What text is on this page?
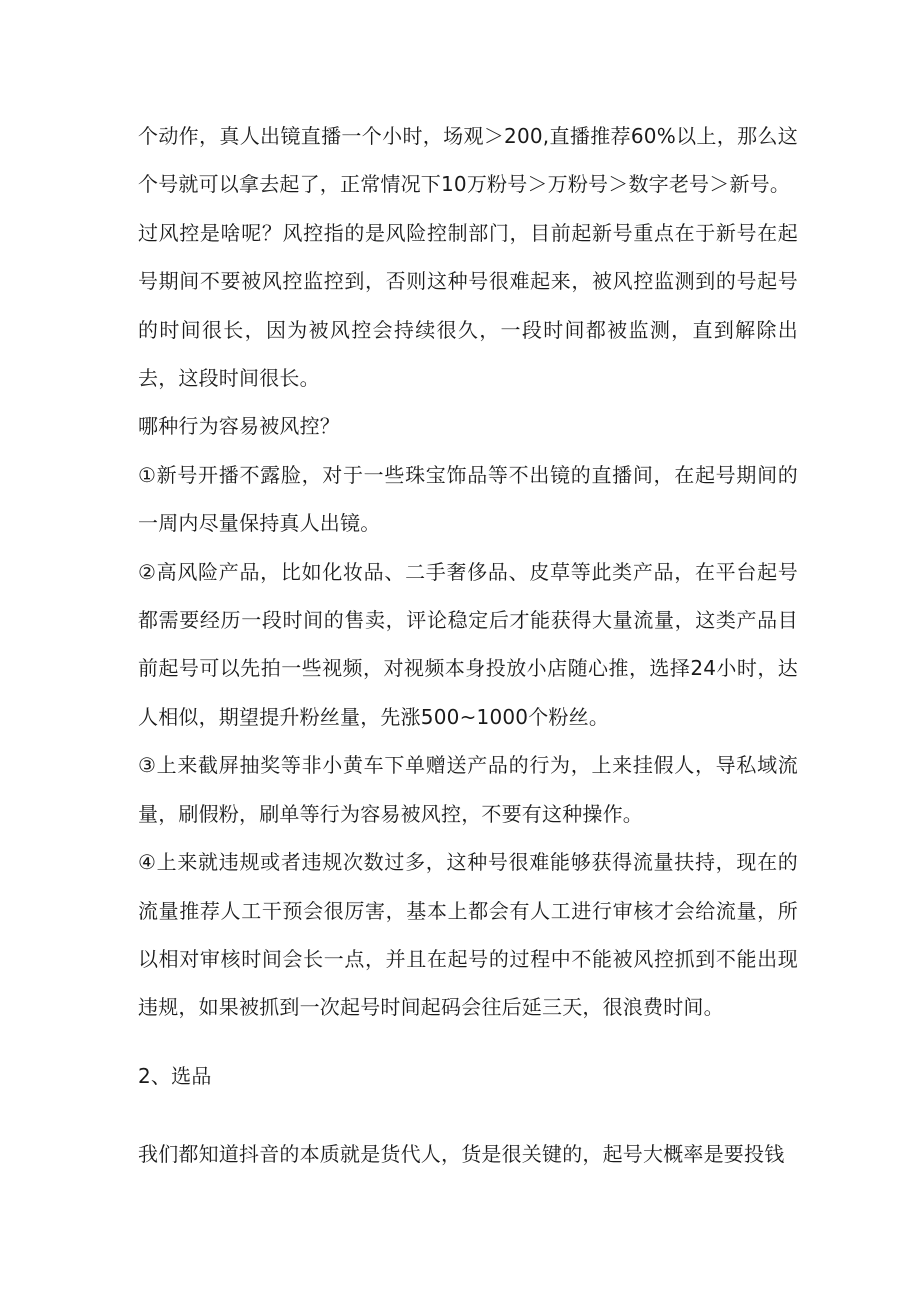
个动作，真人出镜直播一个小时，场观＞200,直播推荐60%以上，那么这个号就可以拿去起了，正常情况下10万粉号＞万粉号＞数字老号＞新号。

过风控是啥呢？风控指的是风险控制部门，目前起新号重点在于新号在起号期间不要被风控监控到，否则这种号很难起来，被风控监测到的号起号的时间很长，因为被风控会持续很久，一段时间都被监测，直到解除出去，这段时间很长。

哪种行为容易被风控？

①新号开播不露脸，对于一些珠宝饰品等不出镜的直播间，在起号期间的一周内尽量保持真人出镜。

②高风险产品，比如化妆品、二手奢侈品、皮草等此类产品，在平台起号都需要经历一段时间的售卖，评论稳定后才能获得大量流量，这类产品目前起号可以先拍一些视频，对视频本身投放小店随心推，选择24小时，达人相似，期望提升粉丝量，先涨500~1000个粉丝。

③上来截屏抽奖等非小黄车下单赠送产品的行为，上来挂假人，导私域流量，刷假粉，刷单等行为容易被风控，不要有这种操作。

④上来就违规或者违规次数过多，这种号很难能够获得流量扶持，现在的流量推荐人工干预会很厉害，基本上都会有人工进行审核才会给流量，所以相对审核时间会长一点，并且在起号的过程中不能被风控抓到不能出现违规，如果被抓到一次起号时间起码会往后延三天，很浪费时间。

2、选品

我们都知道抖音的本质就是货代人，货是很关键的，起号大概率是要投钱
